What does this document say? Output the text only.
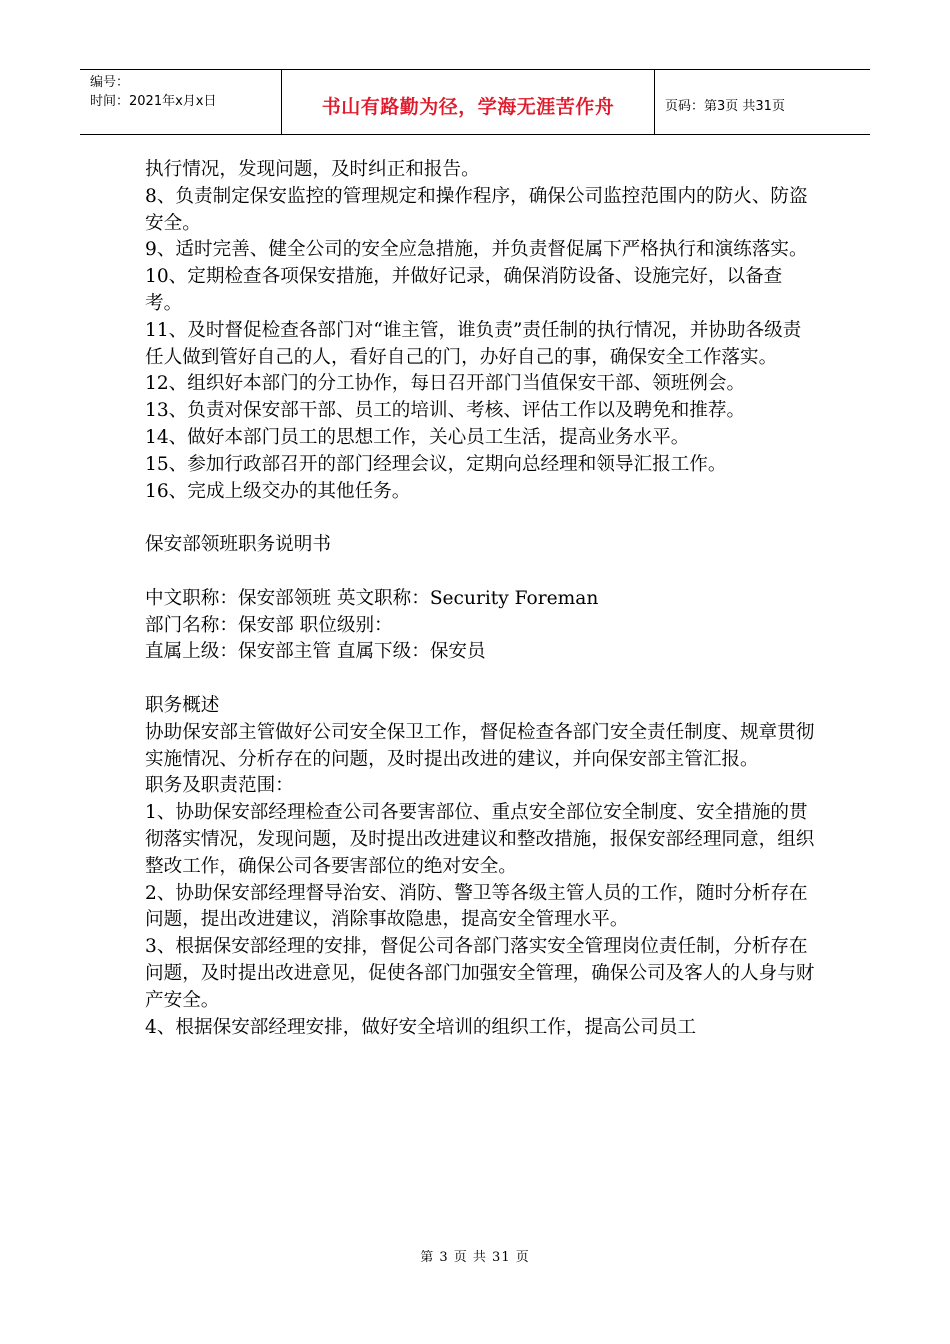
编号：
时间：2021年x月x日	书山有路勤为径，学海无涯苦作舟	页码：第3页 共31页

执行情况，发现问题，及时纠正和报告。

8、负责制定保安监控的管理规定和操作程序，确保公司监控范围内的防火、防盗安全。

9、适时完善、健全公司的安全应急措施，并负责督促属下严格执行和演练落实。

10、定期检查各项保安措施，并做好记录，确保消防设备、设施完好，以备查考。

11、及时督促检查各部门对“谁主管，谁负责”责任制的执行情况，并协助各级责任人做到管好自己的人，看好自己的门，办好自己的事，确保安全工作落实。

12、组织好本部门的分工协作，每日召开部门当值保安干部、领班例会。

13、负责对保安部干部、员工的培训、考核、评估工作以及聘免和推荐。

14、做好本部门员工的思想工作，关心员工生活，提高业务水平。

15、参加行政部召开的部门经理会议，定期向总经理和领导汇报工作。

16、完成上级交办的其他任务。

保安部领班职务说明书

中文职称：保安部领班 英文职称：Security Foreman

部门名称：保安部 职位级别：

直属上级：保安部主管 直属下级：保安员

职务概述

协助保安部主管做好公司安全保卫工作，督促检查各部门安全责任制度、规章贯彻实施情况、分析存在的问题，及时提出改进的建议，并向保安部主管汇报。

职务及职责范围：

1、协助保安部经理检查公司各要害部位、重点安全部位安全制度、安全措施的贯彻落实情况，发现问题，及时提出改进建议和整改措施，报保安部经理同意，组织整改工作，确保公司各要害部位的绝对安全。

2、协助保安部经理督导治安、消防、警卫等各级主管人员的工作，随时分析存在问题，提出改进建议，消除事故隐患，提高安全管理水平。

3、根据保安部经理的安排，督促公司各部门落实安全管理岗位责任制，分析存在问题，及时提出改进意见，促使各部门加强安全管理，确保公司及客人的人身与财产安全。

4、根据保安部经理安排，做好安全培训的组织工作，提高公司员工

第 3 页 共 31 页
